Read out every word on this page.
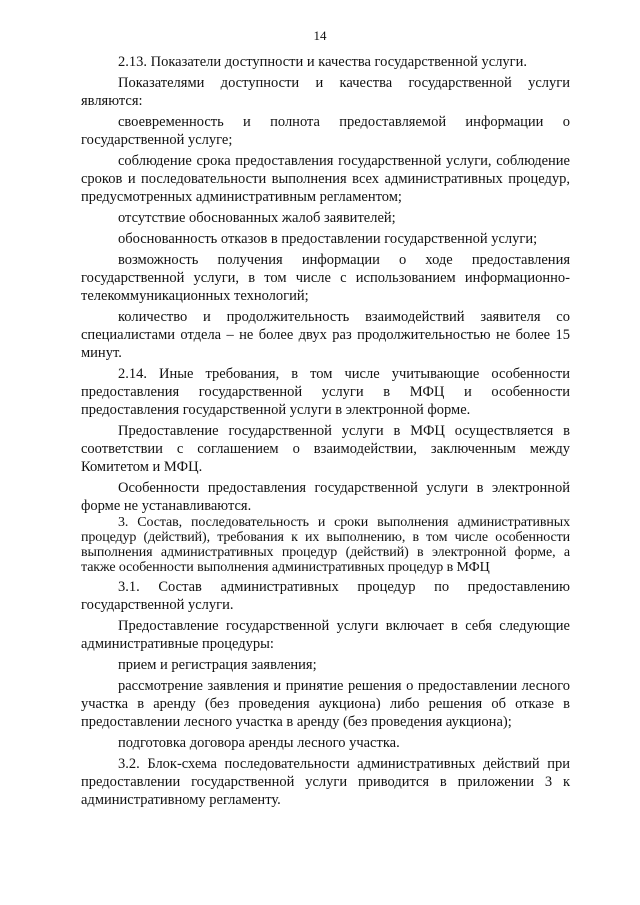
14

2.13. Показатели доступности и качества государственной услуги.

Показателями доступности и качества государственной услуги являются:

своевременность и полнота предоставляемой информации о государственной услуге;

соблюдение срока предоставления государственной услуги, соблюдение сроков и последовательности выполнения всех административных процедур, предусмотренных административным регламентом;

отсутствие обоснованных жалоб заявителей;

обоснованность отказов в предоставлении государственной услуги;

возможность получения информации о ходе предоставления государственной услуги, в том числе с использованием информационно-телекоммуникационных технологий;

количество и продолжительность взаимодействий заявителя со специалистами отдела – не более двух раз продолжительностью не более 15 минут.

2.14. Иные требования, в том числе учитывающие особенности предоставления государственной услуги в МФЦ и особенности предоставления государственной услуги в электронной форме.

Предоставление государственной услуги в МФЦ осуществляется в соответствии с соглашением о взаимодействии, заключенным между Комитетом и МФЦ.

Особенности предоставления государственной услуги в электронной форме не устанавливаются.

3. Состав, последовательность и сроки выполнения административных процедур (действий), требования к их выполнению, в том числе особенности выполнения административных процедур (действий) в электронной форме, а также особенности выполнения административных процедур в МФЦ

3.1. Состав административных процедур по предоставлению государственной услуги.

Предоставление государственной услуги включает в себя следующие административные процедуры:

прием и регистрация заявления;

рассмотрение заявления и принятие решения о предоставлении лесного участка в аренду (без проведения аукциона) либо решения об отказе в предоставлении лесного участка в аренду (без проведения аукциона);

подготовка договора аренды лесного участка.

3.2. Блок-схема последовательности административных действий при предоставлении государственной услуги приводится в приложении 3 к административному регламенту.
